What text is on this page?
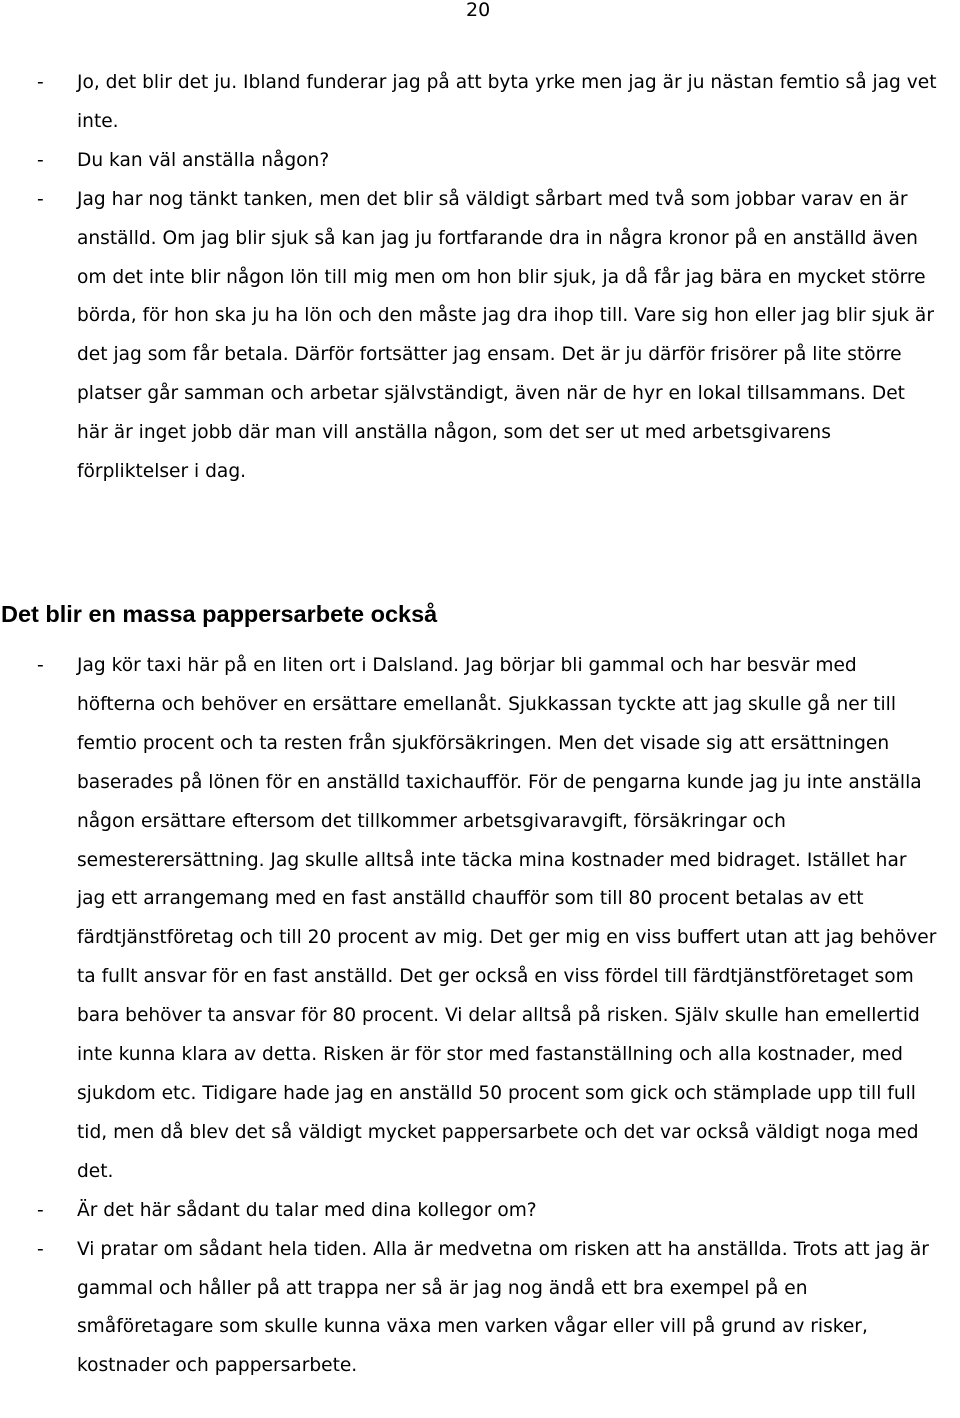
20
- Jo, det blir det ju. Ibland funderar jag på att byta yrke men jag är ju nästan femtio så jag vet inte.
- Du kan väl anställa någon?
- Jag har nog tänkt tanken, men det blir så väldigt sårbart med två som jobbar varav en är anställd. Om jag blir sjuk så kan jag ju fortfarande dra in några kronor på en anställd även om det inte blir någon lön till mig men om hon blir sjuk, ja då får jag bära en mycket större börda, för hon ska ju ha lön och den måste jag dra ihop till. Vare sig hon eller jag blir sjuk är det jag som får betala. Därför fortsätter jag ensam. Det är ju därför frisörer på lite större platser går samman och arbetar självständigt, även när de hyr en lokal tillsammans. Det här är inget jobb där man vill anställa någon, som det ser ut med arbetsgivarens förpliktelser i dag.
Det blir en massa pappersarbete också
- Jag kör taxi här på en liten ort i Dalsland. Jag börjar bli gammal och har besvär med höfterna och behöver en ersättare emellanåt. Sjukkassan tyckte att jag skulle gå ner till femtio procent och ta resten från sjukförsäkringen. Men det visade sig att ersättningen baserades på lönen för en anställd taxichaufför. För de pengarna kunde jag ju inte anställa någon ersättare eftersom det tillkommer arbetsgivaravgift, försäkringar och semesterersättning. Jag skulle alltså inte täcka mina kostnader med bidraget. Istället har jag ett arrangemang med en fast anställd chaufför som till 80 procent betalas av ett färdtjänstföretag och till 20 procent av mig. Det ger mig en viss buffert utan att jag behöver ta fullt ansvar för en fast anställd. Det ger också en viss fördel till färdtjänstföretaget som bara behöver ta ansvar för 80 procent. Vi delar alltså på risken. Själv skulle han emellertid inte kunna klara av detta. Risken är för stor med fastanställning och alla kostnader, med sjukdom etc. Tidigare hade jag en anställd 50 procent som gick och stämplade upp till full tid, men då blev det så väldigt mycket pappersarbete och det var också väldigt noga med det.
- Är det här sådant du talar med dina kollegor om?
- Vi pratar om sådant hela tiden. Alla är medvetna om risken att ha anställda. Trots att jag är gammal och håller på att trappa ner så är jag nog ändå ett bra exempel på en småföretagare som skulle kunna växa men varken vågar eller vill på grund av risker, kostnader och pappersarbete.
